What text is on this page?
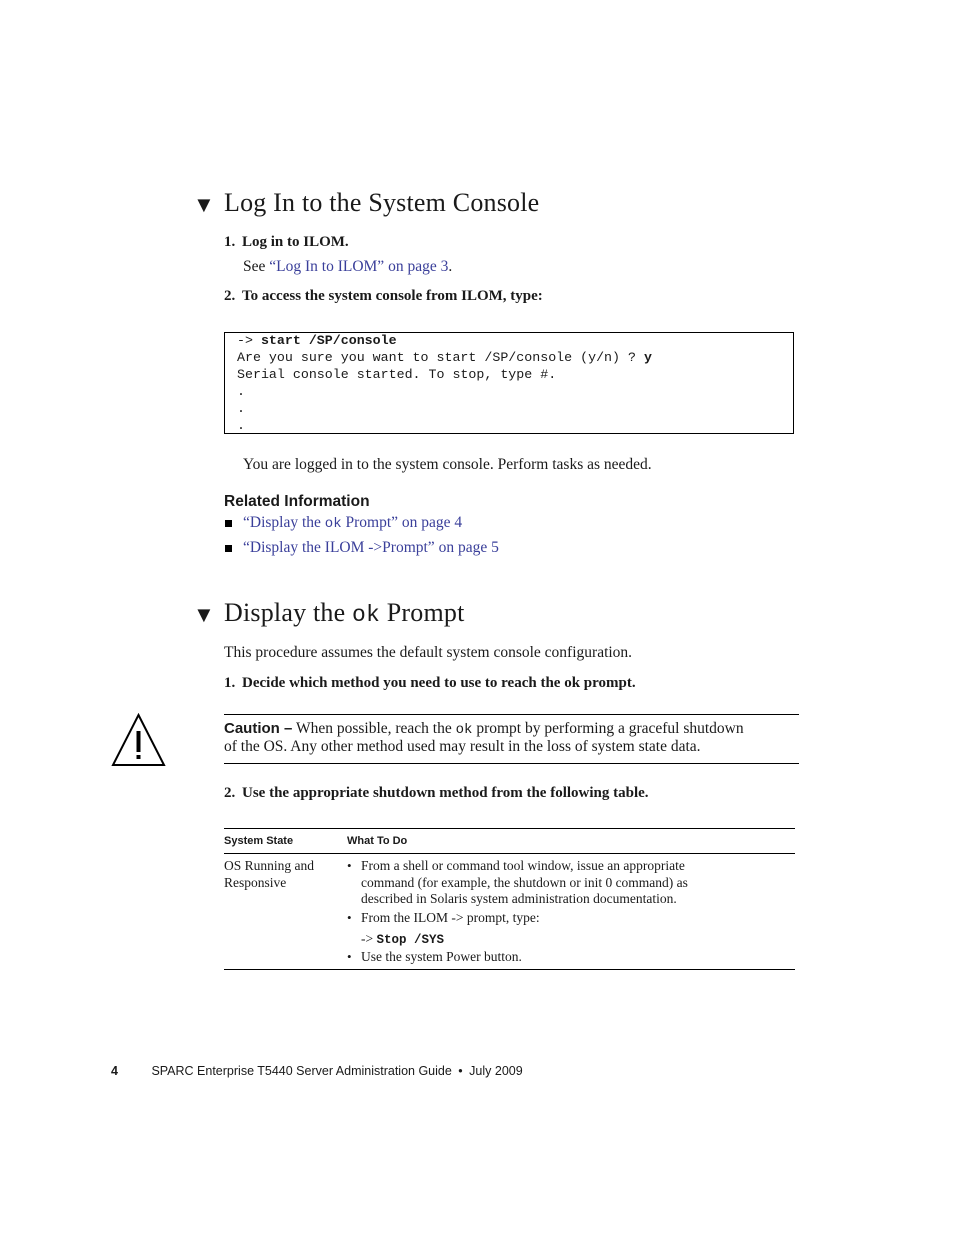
▼ Log In to the System Console
1. Log in to ILOM.
See “Log In to ILOM” on page 3.
2. To access the system console from ILOM, type:
-> start /SP/console
Are you sure you want to start /SP/console (y/n) ? y
Serial console started. To stop, type #.
.
.
.
You are logged in to the system console. Perform tasks as needed.
Related Information
“Display the ok Prompt” on page 4
“Display the ILOM ->Prompt” on page 5
▼ Display the ok Prompt
This procedure assumes the default system console configuration.
1. Decide which method you need to use to reach the ok prompt.
Caution – When possible, reach the ok prompt by performing a graceful shutdown
of the OS. Any other method used may result in the loss of system state data.
2. Use the appropriate shutdown method from the following table.
System State	What To Do
OS Running and
Responsive
• From a shell or command tool window, issue an appropriate
command (for example, the shutdown or init 0 command) as
described in Solaris system administration documentation.
• From the ILOM -> prompt, type:
-> Stop /SYS
• Use the system Power button.
4	SPARC Enterprise T5440 Server Administration Guide • July 2009
